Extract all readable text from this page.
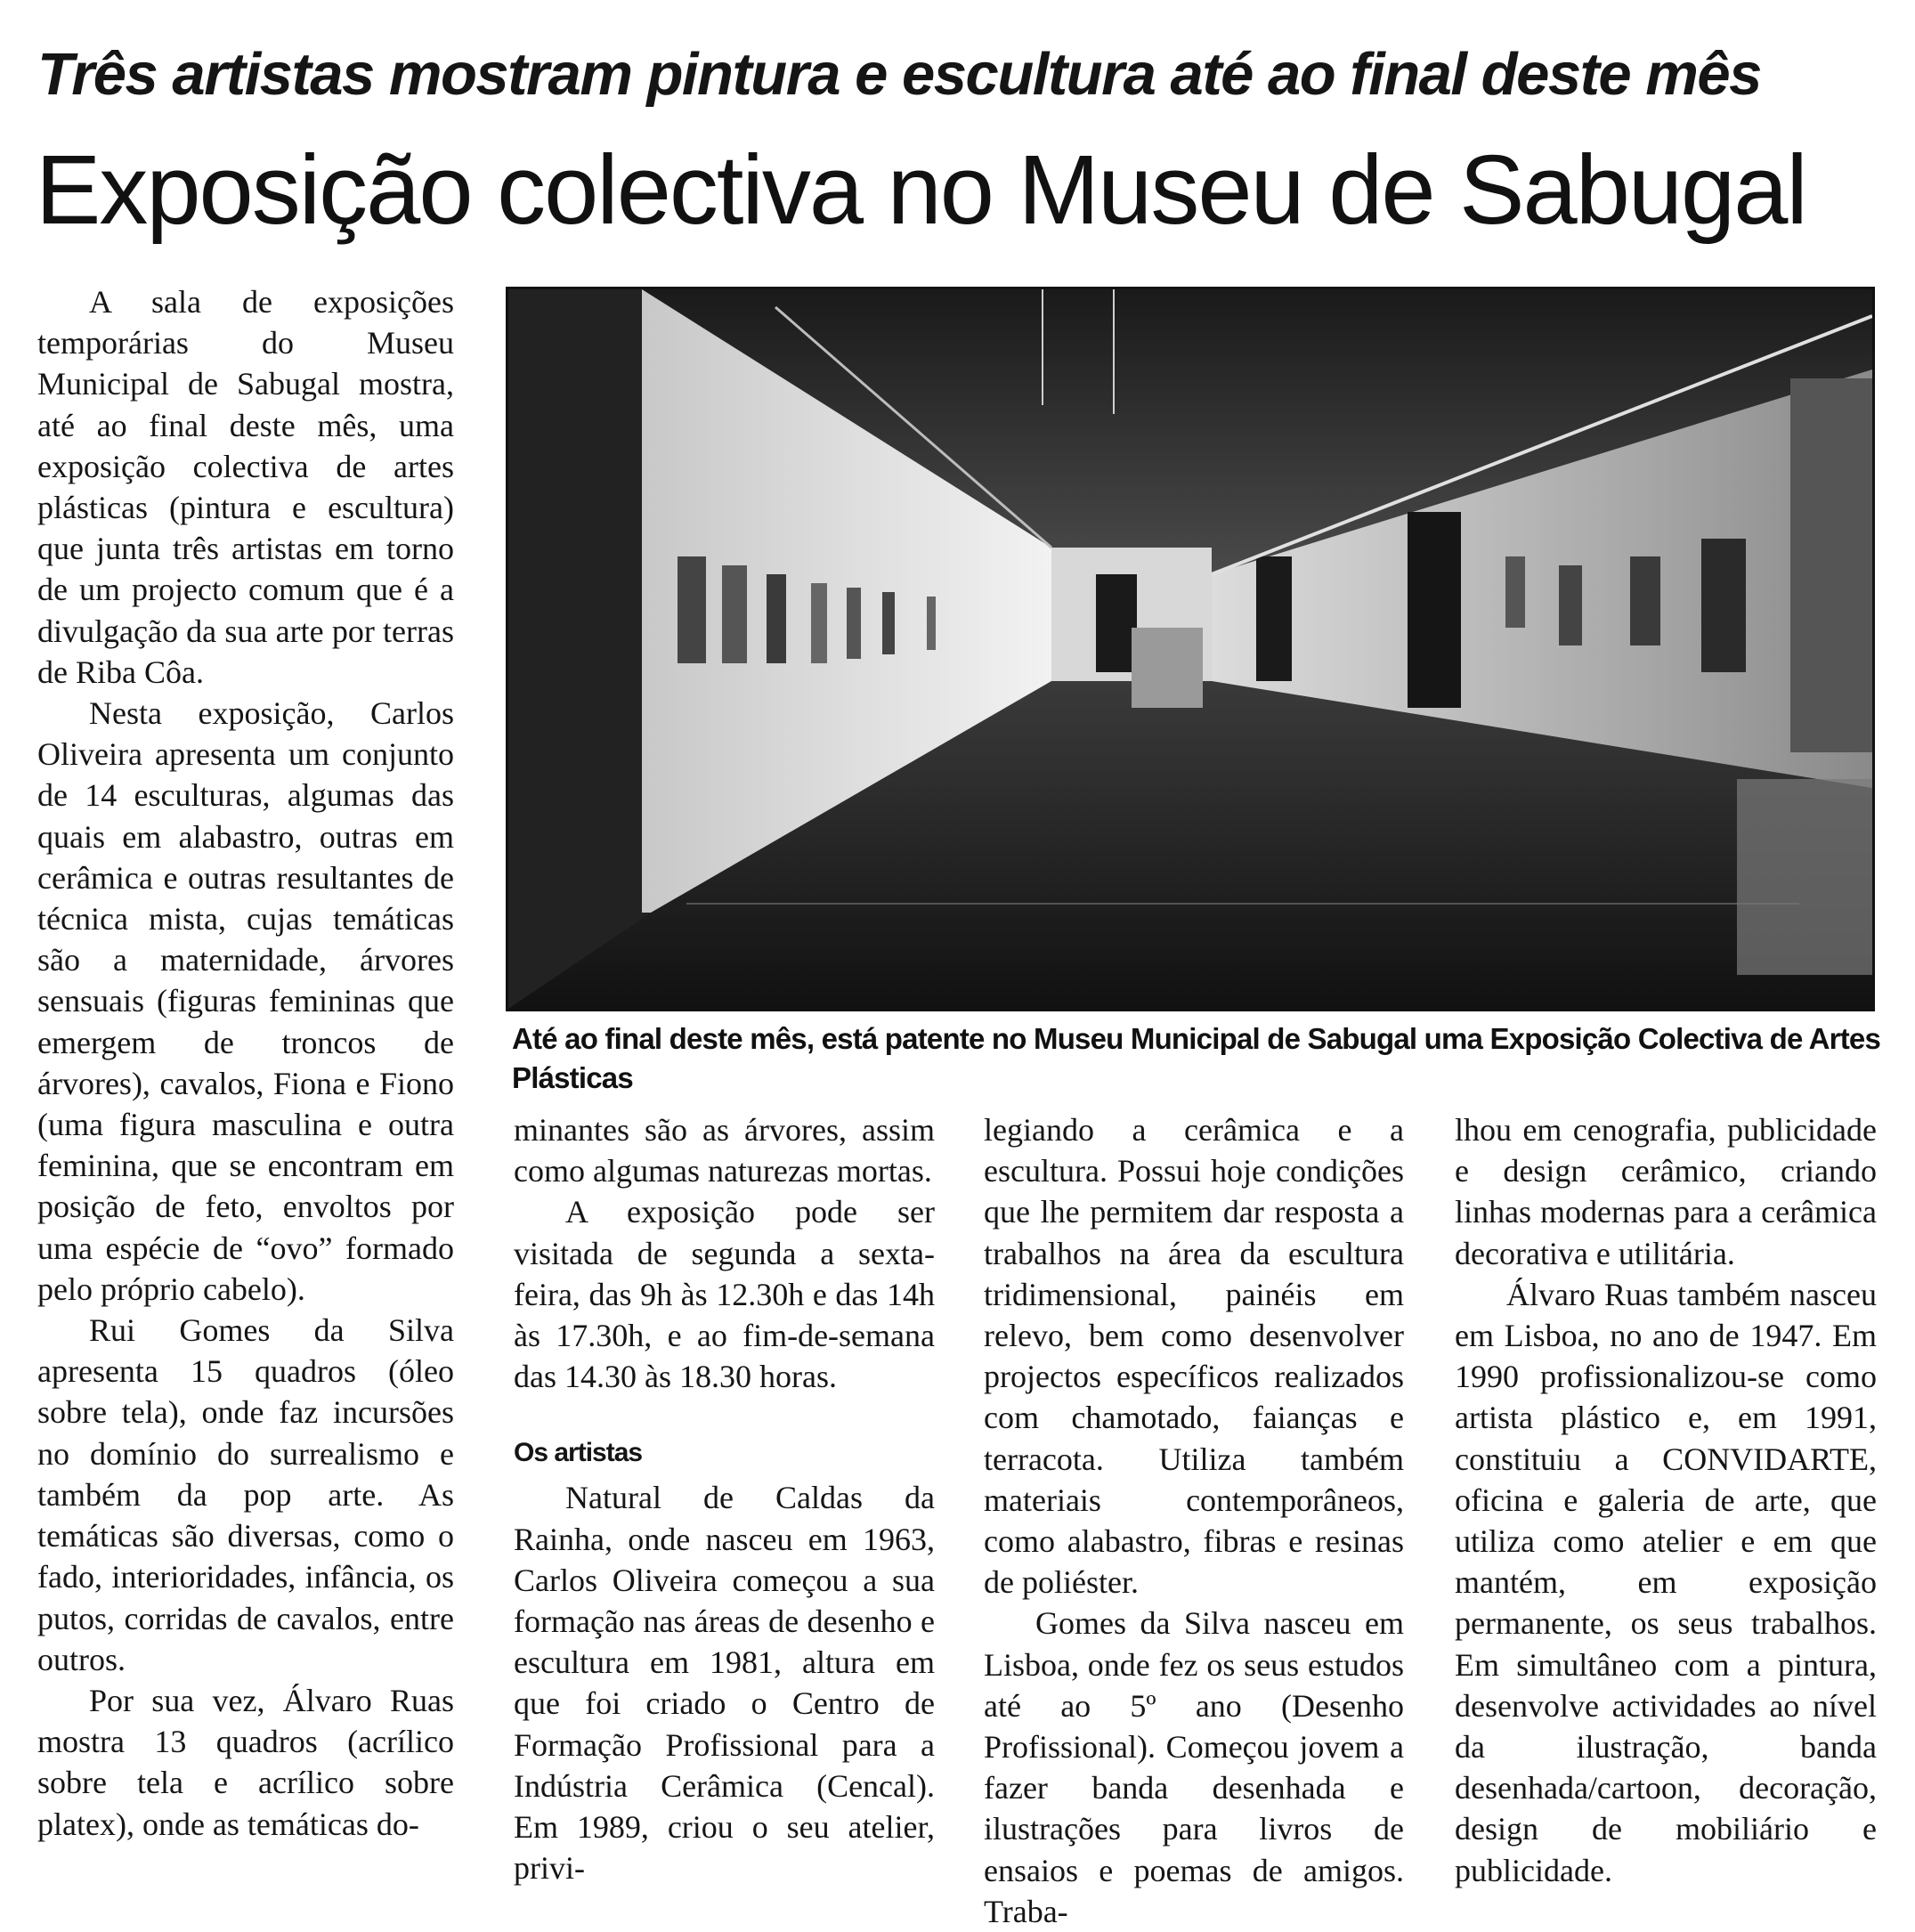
Três artistas mostram pintura e escultura até ao final deste mês
Exposição colectiva no Museu de Sabugal

A sala de exposições temporárias do Museu Municipal de Sabugal mostra, até ao final deste mês, uma exposição colectiva de artes plásticas (pintura e escultura) que junta três artistas em torno de um projecto comum que é a divulgação da sua arte por terras de Riba Côa.

Nesta exposição, Carlos Oliveira apresenta um conjunto de 14 esculturas, algumas das quais em alabastro, outras em cerâmica e outras resultantes de técnica mista, cujas temáticas são a maternidade, árvores sensuais (figuras femininas que emergem de troncos de árvores), cavalos, Fiona e Fiono (uma figura masculina e outra feminina, que se encontram em posição de feto, envoltos por uma espécie de “ovo” formado pelo próprio cabelo).

Rui Gomes da Silva apresenta 15 quadros (óleo sobre tela), onde faz incursões no domínio do surrealismo e também da pop arte. As temáticas são diversas, como o fado, interioridades, infância, os putos, corridas de cavalos, entre outros.

Por sua vez, Álvaro Ruas mostra 13 quadros (acrílico sobre tela e acrílico sobre platex), onde as temáticas do-

Até ao final deste mês, está patente no Museu Municipal de Sabugal uma Exposição Colectiva de Artes Plásticas

minantes são as árvores, assim como algumas naturezas mortas.

A exposição pode ser visitada de segunda a sexta-feira, das 9h às 12.30h e das 14h às 17.30h, e ao fim-de-semana das 14.30 às 18.30 horas.

Os artistas

Natural de Caldas da Rainha, onde nasceu em 1963, Carlos Oliveira começou a sua formação nas áreas de desenho e escultura em 1981, altura em que foi criado o Centro de Formação Profissional para a Indústria Cerâmica (Cencal). Em 1989, criou o seu atelier, privi-

legiando a cerâmica e a escultura. Possui hoje condições que lhe permitem dar resposta a trabalhos na área da escultura tridimensional, painéis em relevo, bem como desenvolver projectos específicos realizados com chamotado, faianças e terracota. Utiliza também materiais contemporâneos, como alabastro, fibras e resinas de poliéster.

Gomes da Silva nasceu em Lisboa, onde fez os seus estudos até ao 5º ano (Desenho Profissional). Começou jovem a fazer banda desenhada e ilustrações para livros de ensaios e poemas de amigos. Traba-

lhou em cenografia, publicidade e design cerâmico, criando linhas modernas para a cerâmica decorativa e utilitária.

Álvaro Ruas também nasceu em Lisboa, no ano de 1947. Em 1990 profissionalizou-se como artista plástico e, em 1991, constituiu a CONVIDARTE, oficina e galeria de arte, que utiliza como atelier e em que mantém, em exposição permanente, os seus trabalhos. Em simultâneo com a pintura, desenvolve actividades ao nível da ilustração, banda desenhada/cartoon, decoração, design de mobiliário e publicidade.
